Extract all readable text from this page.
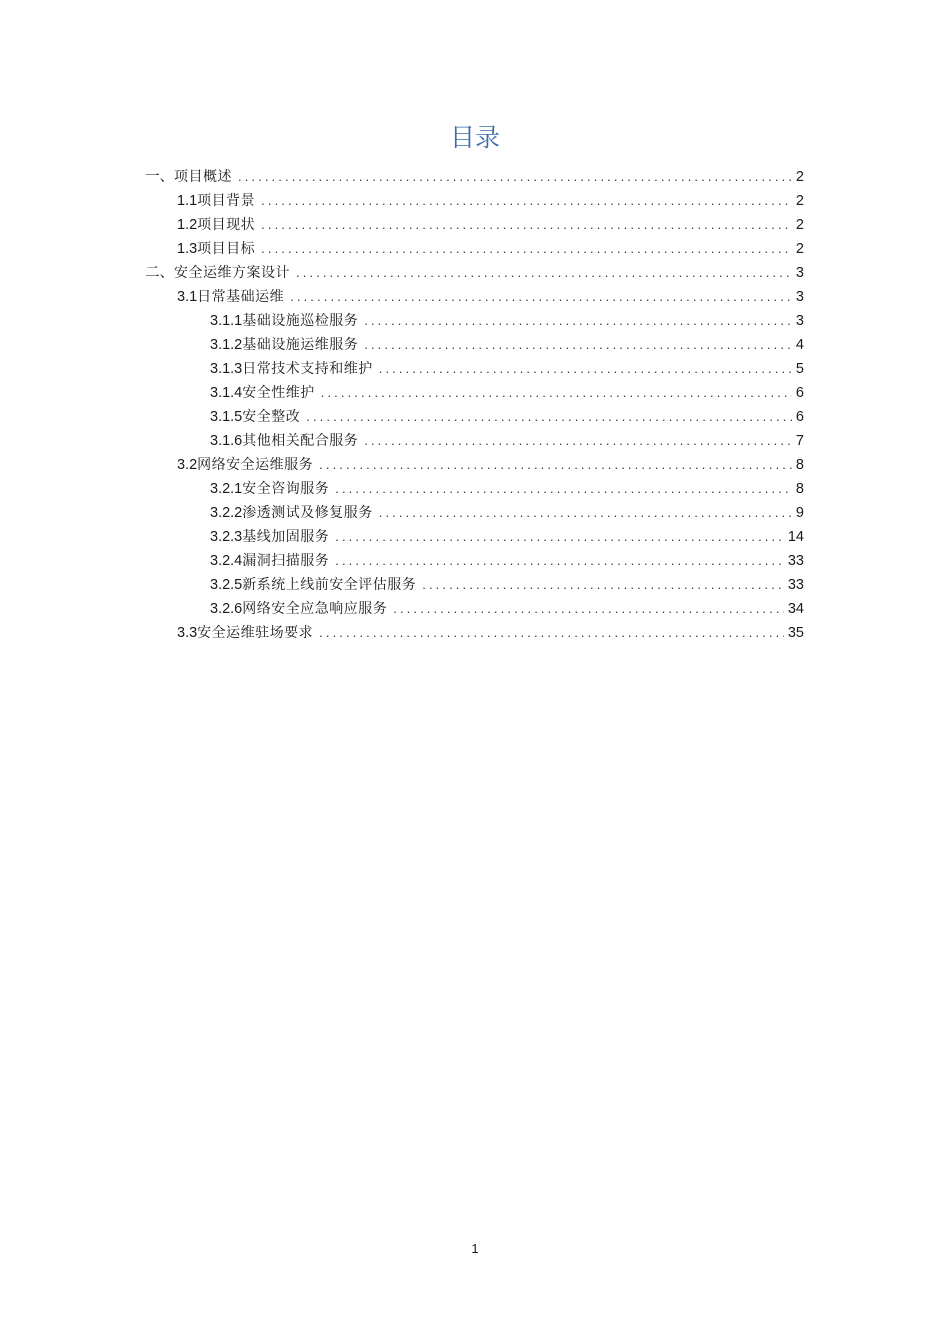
目录
一、 项目概述 .....	2
1.1 项目背景 .....	2
1.2 项目现状 .....	2
1.3 项目目标 .....	2
二、 安全运维方案设计 .....	3
3.1 日常基础运维 .....	3
3.1.1 基础设施巡检服务 .....	3
3.1.2 基础设施运维服务 .....	4
3.1.3 日常技术支持和维护 .....	5
3.1.4 安全性维护 .....	6
3.1.5 安全整改 .....	6
3.1.6 其他相关配合服务 .....	7
3.2 网络安全运维服务 .....	8
3.2.1 安全咨询服务 .....	8
3.2.2 渗透测试及修复服务 .....	9
3.2.3 基线加固服务 .....	14
3.2.4 漏洞扫描服务 .....	33
3.2.5 新系统上线前安全评估服务 .....	33
3.2.6 网络安全应急响应服务 .....	34
3.3 安全运维驻场要求 .....	35
1
